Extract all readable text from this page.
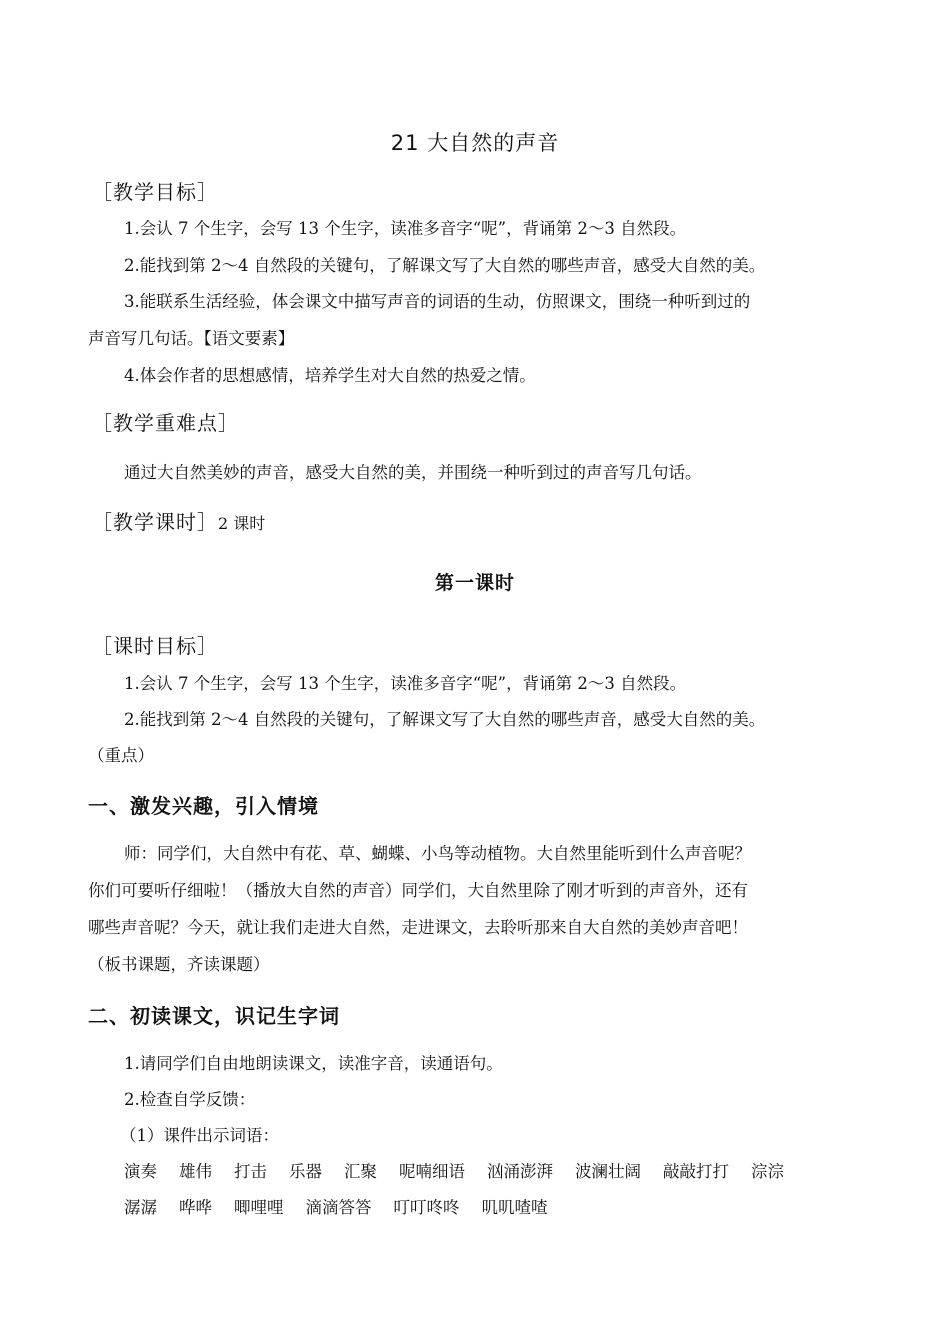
21 大自然的声音
［教学目标］
1.会认 7 个生字，会写 13 个生字，读准多音字“呢”，背诵第 2～3 自然段。
2.能找到第 2～4 自然段的关键句，了解课文写了大自然的哪些声音，感受大自然的美。
3.能联系生活经验，体会课文中描写声音的词语的生动，仿照课文，围绕一种听到过的
声音写几句话。【语文要素】
4.体会作者的思想感情，培养学生对大自然的热爱之情。
［教学重难点］
通过大自然美妙的声音，感受大自然的美，并围绕一种听到过的声音写几句话。
［教学课时］2 课时
第一课时
［课时目标］
1.会认 7 个生字，会写 13 个生字，读准多音字“呢”，背诵第 2～3 自然段。
2.能找到第 2～4 自然段的关键句，了解课文写了大自然的哪些声音，感受大自然的美。
（重点）
一、激发兴趣，引入情境
师：同学们，大自然中有花、草、蝴蝶、小鸟等动植物。大自然里能听到什么声音呢？
你们可要听仔细啦！（播放大自然的声音）同学们，大自然里除了刚才听到的声音外，还有
哪些声音呢？今天，就让我们走进大自然，走进课文，去聆听那来自大自然的美妙声音吧！
（板书课题，齐读课题）
二、初读课文，识记生字词
1.请同学们自由地朗读课文，读准字音，读通语句。
2.检查自学反馈：
（1）课件出示词语：
演奏 雄伟 打击 乐器 汇聚 呢喃细语 汹涌澎湃 波澜壮阔 敲敲打打 淙淙
潺潺 哗哗 唧哩哩 滴滴答答 叮叮咚咚 叽叽喳喳
